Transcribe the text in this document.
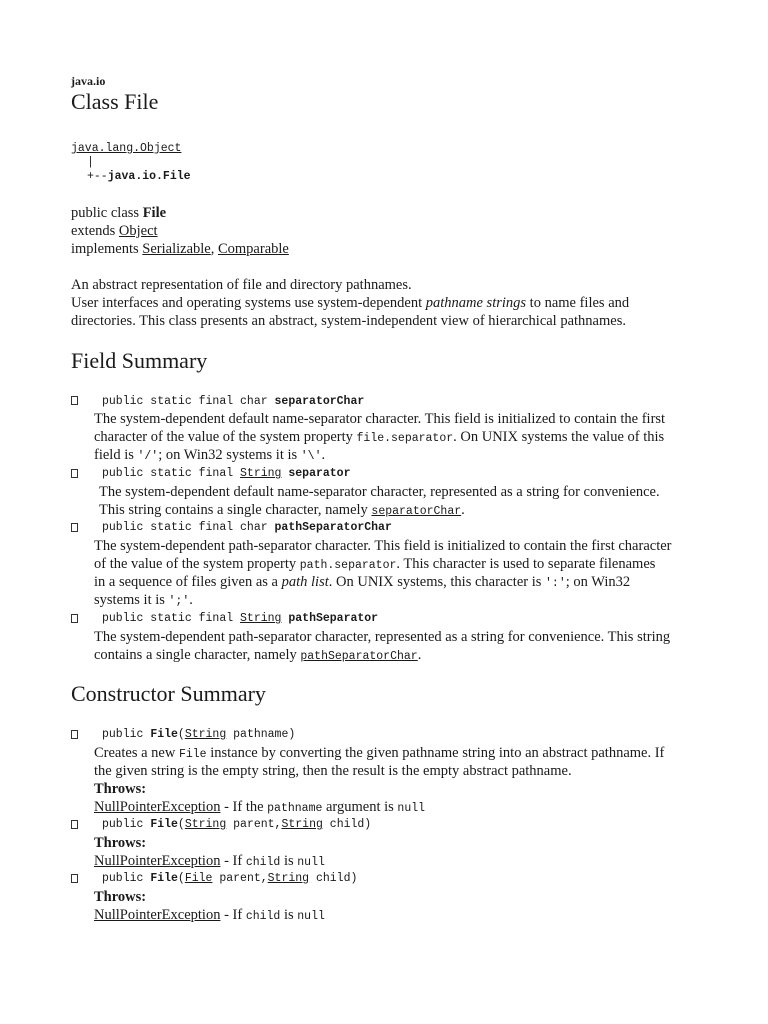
java.io
Class File
java.lang.Object
|
+--java.io.File
public class File
extends Object
implements Serializable, Comparable
An abstract representation of file and directory pathnames.
User interfaces and operating systems use system-dependent pathname strings to name files and
directories. This class presents an abstract, system-independent view of hierarchical pathnames.
Field Summary
public static final char separatorChar
The system-dependent default name-separator character. This field is initialized to contain the first
character of the value of the system property file.separator. On UNIX systems the value of this
field is '/'; on Win32 systems it is '\'.
public static final String separator
The system-dependent default name-separator character, represented as a string for convenience.
This string contains a single character, namely separatorChar.
public static final char pathSeparatorChar
The system-dependent path-separator character. This field is initialized to contain the first character
of the value of the system property path.separator. This character is used to separate filenames
in a sequence of files given as a path list. On UNIX systems, this character is ':'; on Win32
systems it is ';'.
public static final String pathSeparator
The system-dependent path-separator character, represented as a string for convenience. This string
contains a single character, namely pathSeparatorChar.
Constructor Summary
public File(String pathname)
Creates a new File instance by converting the given pathname string into an abstract pathname. If
the given string is the empty string, then the result is the empty abstract pathname.
Throws:
NullPointerException - If the pathname argument is null
public File(String parent,String child)
Throws:
NullPointerException - If child is null
public File(File parent,String child)
Throws:
NullPointerException - If child is null
